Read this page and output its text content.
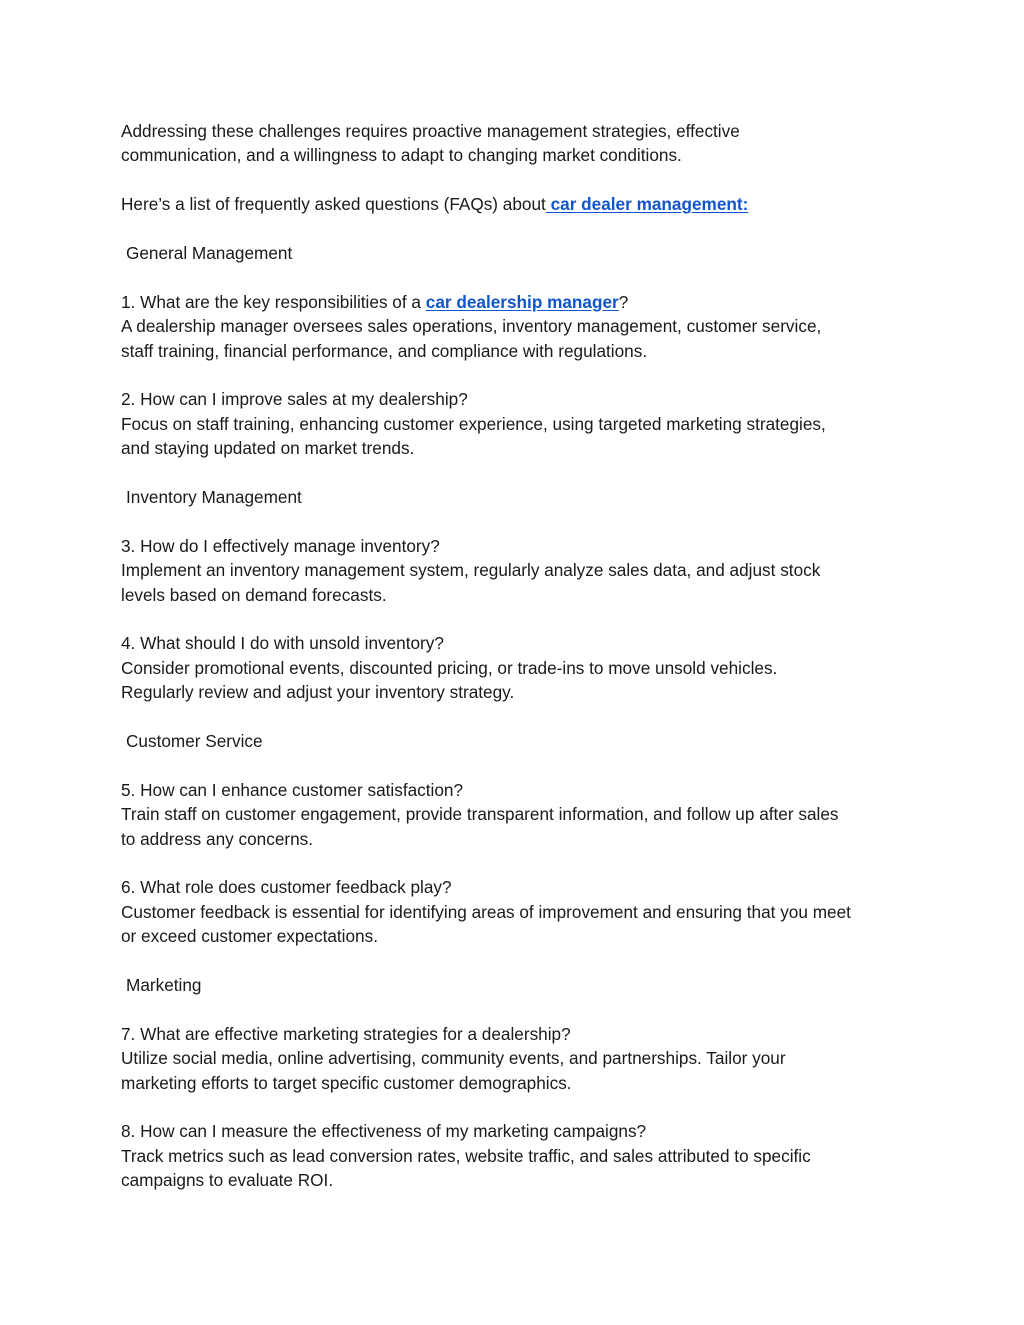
Addressing these challenges requires proactive management strategies, effective

communication, and a willingness to adapt to changing market conditions.

Here’s a list of frequently asked questions (FAQs) about car dealer management:

General Management

1. What are the key responsibilities of a car dealership manager?

A dealership manager oversees sales operations, inventory management, customer service,

staff training, financial performance, and compliance with regulations.

2. How can I improve sales at my dealership?

Focus on staff training, enhancing customer experience, using targeted marketing strategies,

and staying updated on market trends.

Inventory Management

3. How do I effectively manage inventory?

Implement an inventory management system, regularly analyze sales data, and adjust stock

levels based on demand forecasts.

4. What should I do with unsold inventory?

Consider promotional events, discounted pricing, or trade-ins to move unsold vehicles.

Regularly review and adjust your inventory strategy.

Customer Service

5. How can I enhance customer satisfaction?

Train staff on customer engagement, provide transparent information, and follow up after sales

to address any concerns.

6. What role does customer feedback play?

Customer feedback is essential for identifying areas of improvement and ensuring that you meet

or exceed customer expectations.

Marketing

7. What are effective marketing strategies for a dealership?

Utilize social media, online advertising, community events, and partnerships. Tailor your

marketing efforts to target specific customer demographics.

8. How can I measure the effectiveness of my marketing campaigns?

Track metrics such as lead conversion rates, website traffic, and sales attributed to specific

campaigns to evaluate ROI.
